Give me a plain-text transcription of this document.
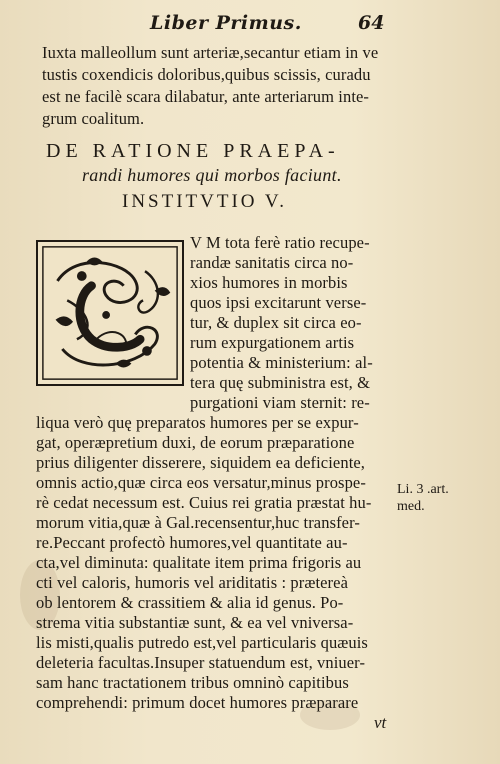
Liber Primus.	64
Iuxta malleollum sunt arteriæ,secantur etiam in ve
tustis coxendicis doloribus,quibus scissis, curadu
est ne facilè scara dilabatur, ante arteriarum inte-
grum coalitum.
DE RATIONE PRAEPA-
randi humores qui morbos faciunt.
INSTITVTIO V.
V M tota ferè ratio recupe-
randæ sanitatis circa no-
xios humores in morbis
quos ipsi excitarunt verse-
tur, & duplex sit circa eo-
rum expurgationem artis
potentia & ministerium: al-
tera quę subministra est, &
purgationi viam sternit: re-
liqua verò quę preparatos humores per se expur-
gat, operæpretium duxi, de eorum præparatione
prius diligenter disserere, siquidem ea deficiente,
omnis actio,quæ circa eos versatur,minus prospe-
rè cedat necessum est. Cuius rei gratia præstat hu-
morum vitia,quæ à Gal.recensentur,huc transfer-
re.Peccant profectò humores,vel quantitate au-
cta,vel diminuta: qualitate item prima frigoris au
cti vel caloris, humoris vel ariditatis : prætereà
ob lentorem & crassitiem & alia id genus. Po-
strema vitia substantiæ sunt, & ea vel vniversa-
lis misti,qualis putredo est,vel particularis quæuis
deleteria facultas.Insuper statuendum est, vniuer-
sam hanc tractationem tribus omninò capitibus
comprehendi: primum docet humores præparare
Li. 3 .art.
med.
vt
